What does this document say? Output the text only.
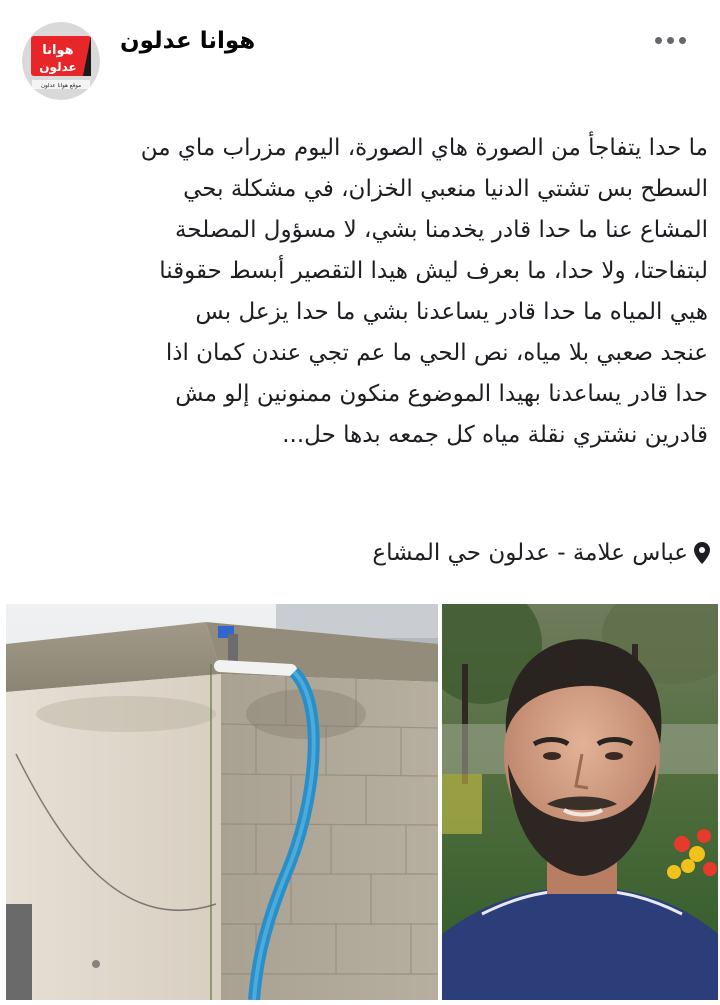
هوانا
عدلون
موقع هوانا عدلون
هوانا عدلون
ما حدا يتفاجأ من الصورة هاي الصورة، اليوم مزراب ماي من
السطح بس تشتي الدنيا منعبي الخزان، في مشكلة بحي
المشاع عنا ما حدا قادر يخدمنا بشي، لا مسؤول المصلحة
لبتفاحتا، ولا حدا، ما بعرف ليش هيدا التقصير أبسط حقوقنا
هيي المياه ما حدا قادر يساعدنا بشي ما حدا يزعل بس
عنجد صعبي بلا مياه، نص الحي ما عم تجي عندن كمان اذا
حدا قادر يساعدنا بهيدا الموضوع منكون ممنونين إلو مش
قادرين نشتري نقلة مياه كل جمعه بدها حل...
عباس علامة - عدلون حي المشاع
